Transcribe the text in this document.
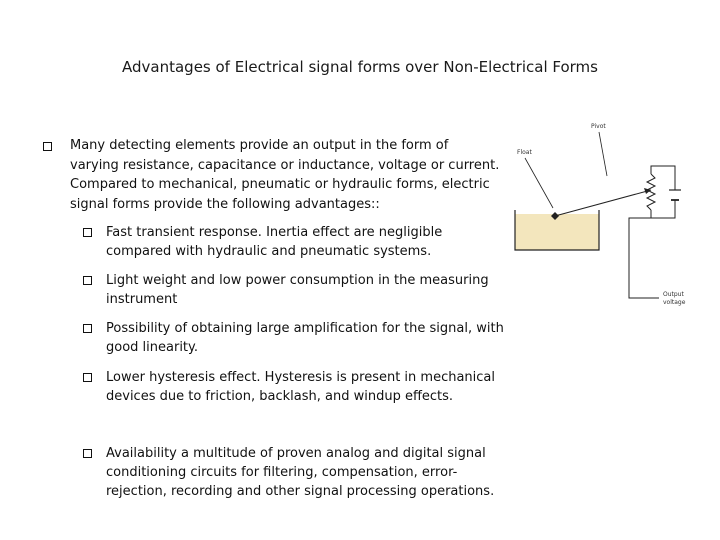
Advantages of Electrical signal forms over Non-Electrical Forms
Many detecting elements provide an output in the form of varying resistance, capacitance or inductance, voltage or current. Compared to mechanical, pneumatic or hydraulic forms, electric signal forms provide the following advantages::
Fast transient response. Inertia effect are negligible compared with hydraulic and pneumatic systems.
Light weight and low power consumption in the measuring instrument
Possibility of obtaining large amplification for the signal, with good linearity.
Lower hysteresis effect. Hysteresis is present in mechanical devices due to friction, backlash, and windup effects.
Availability a multitude of proven analog and digital signal conditioning circuits for filtering, compensation, error-rejection, recording and other signal processing operations.
Float
Pivot
Output
voltage
